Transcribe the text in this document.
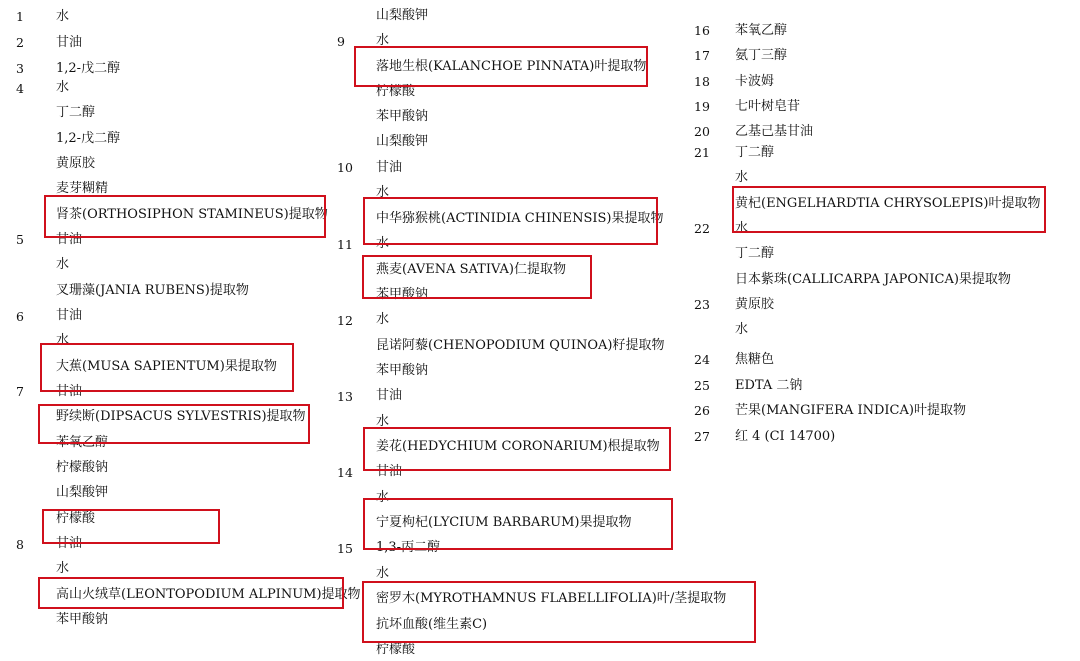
1
2
3
4
5
6
7
8
水
甘油
1,2-戊二醇
水
丁二醇
1,2-戊二醇
黄原胶
麦芽糊精
肾茶(ORTHOSIPHON STAMINEUS)提取物
甘油
水
叉珊藻(JANIA RUBENS)提取物
甘油
水
大蕉(MUSA SAPIENTUM)果提取物
甘油
野续断(DIPSACUS SYLVESTRIS)提取物
苯氧乙醇
柠檬酸钠
山梨酸钾
柠檬酸
甘油
水
高山火绒草(LEONTOPODIUM ALPINUM)提取物
苯甲酸钠
9
10
11
12
13
14
15
山梨酸钾
水
落地生根(KALANCHOE PINNATA)叶提取物
柠檬酸
苯甲酸钠
山梨酸钾
甘油
水
中华猕猴桃(ACTINIDIA CHINENSIS)果提取物
水
燕麦(AVENA SATIVA)仁提取物
苯甲酸钠
水
昆诺阿藜(CHENOPODIUM QUINOA)籽提取物
苯甲酸钠
甘油
水
姜花(HEDYCHIUM CORONARIUM)根提取物
甘油
水
宁夏枸杞(LYCIUM BARBARUM)果提取物
1,3-丙二醇
水
密罗木(MYROTHAMNUS FLABELLIFOLIA)叶/茎提取物
抗坏血酸(维生素C)
柠檬酸
16
17
18
19
20
21
22
23
24
25
26
27
苯氧乙醇
氨丁三醇
卡波姆
七叶树皂苷
乙基己基甘油
丁二醇
水
黄杞(ENGELHARDTIA CHRYSOLEPIS)叶提取物
水
丁二醇
日本紫珠(CALLICARPA JAPONICA)果提取物
黄原胶
水
焦糖色
EDTA 二钠
芒果(MANGIFERA INDICA)叶提取物
红 4 (CI 14700)
